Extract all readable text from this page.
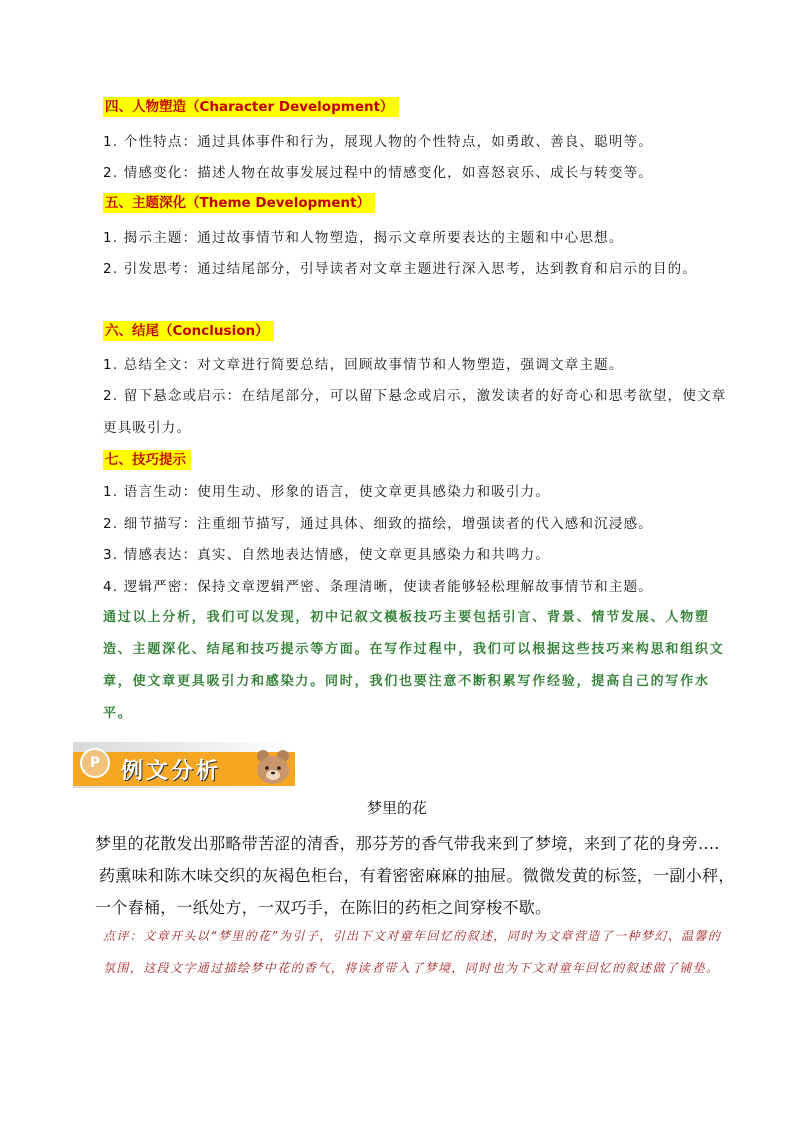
四、人物塑造（Character Development）
1. 个性特点：通过具体事件和行为，展现人物的个性特点，如勇敢、善良、聪明等。
2. 情感变化：描述人物在故事发展过程中的情感变化，如喜怒哀乐、成长与转变等。
五、主题深化（Theme Development）
1. 揭示主题：通过故事情节和人物塑造，揭示文章所要表达的主题和中心思想。
2. 引发思考：通过结尾部分，引导读者对文章主题进行深入思考，达到教育和启示的目的。
六、结尾（Conclusion）
1. 总结全文：对文章进行简要总结，回顾故事情节和人物塑造，强调文章主题。
2. 留下悬念或启示：在结尾部分，可以留下悬念或启示，激发读者的好奇心和思考欲望，使文章更具吸引力。
七、技巧提示
1. 语言生动：使用生动、形象的语言，使文章更具感染力和吸引力。
2. 细节描写：注重细节描写，通过具体、细致的描绘，增强读者的代入感和沉浸感。
3. 情感表达：真实、自然地表达情感，使文章更具感染力和共鸣力。
4. 逻辑严密：保持文章逻辑严密、条理清晰，使读者能够轻松理解故事情节和主题。
通过以上分析，我们可以发现，初中记叙文模板技巧主要包括引言、背景、情节发展、人物塑造、主题深化、结尾和技巧提示等方面。在写作过程中，我们可以根据这些技巧来构思和组织文章，使文章更具吸引力和感染力。同时，我们也要注意不断积累写作经验，提高自己的写作水平。
P 例文分析
梦里的花
梦里的花散发出那略带苦涩的清香，那芬芳的香气带我来到了梦境，来到了花的身旁....
药熏味和陈木味交织的灰褐色柜台，有着密密麻麻的抽屉。微微发黄的标签，一副小秤，一个舂桶，一纸处方，一双巧手，在陈旧的药柜之间穿梭不歇。
点评：文章开头以“梦里的花”为引子，引出下文对童年回忆的叙述，同时为文章营造了一种梦幻、温馨的氛围，这段文字通过描绘梦中花的香气，将读者带入了梦境，同时也为下文对童年回忆的叙述做了铺垫。
